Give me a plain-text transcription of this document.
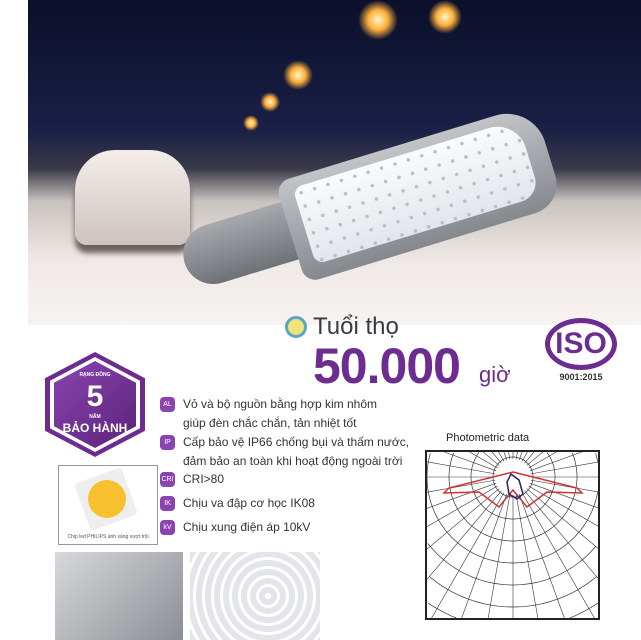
Tuổi thọ
50.000 giờ
ISO
9001:2015
RẠNG ĐÔNG
5
NĂM
BẢO HÀNH
Chip led PHILIPS ánh sáng vượt trội
AL Vỏ và bộ nguồn bằng hợp kim nhôm
giúp đèn chắc chắn, tản nhiệt tốt
IP	Cấp bảo vệ IP66 chống bụi và thấm nước,
đảm bảo an toàn khi hoạt động ngoài trời
CRI CRI>80
IK	Chịu va đập cơ học IK08
kV Chịu xung điện áp 10kV
Photometric data
